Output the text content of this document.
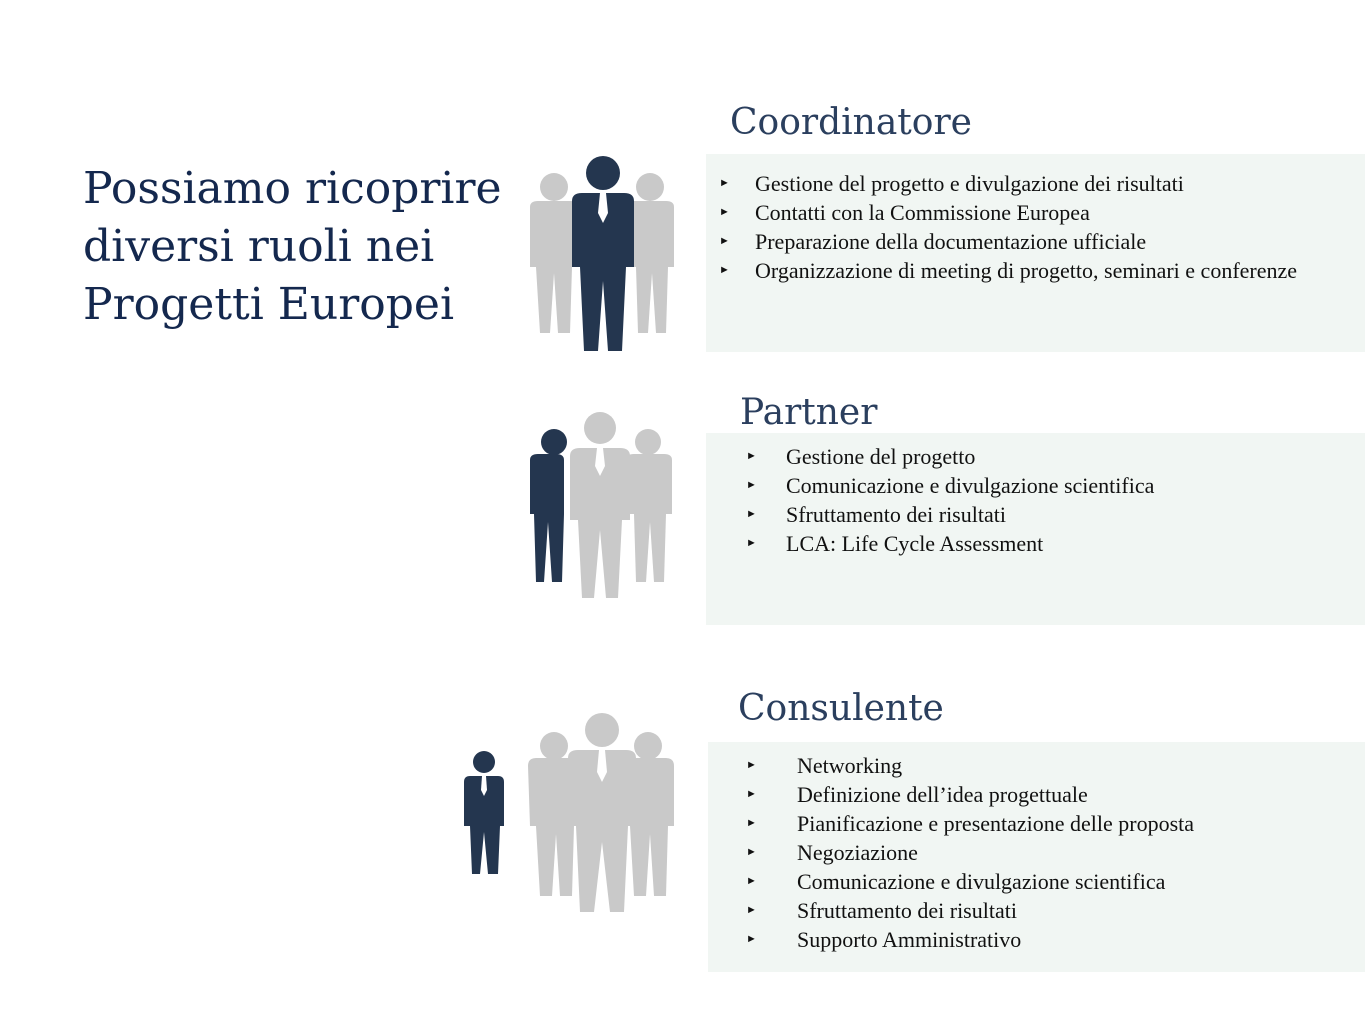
Possiamo ricoprire diversi ruoli nei Progetti Europei
Coordinatore
► Gestione del progetto e divulgazione dei risultati
► Contatti con la Commissione Europea
► Preparazione della documentazione ufficiale
► Organizzazione di meeting di progetto, seminari e conferenze
Partner
► Gestione del progetto
► Comunicazione e divulgazione scientifica
► Sfruttamento dei risultati
► LCA: Life Cycle Assessment
Consulente
► Networking
► Definizione dell’idea progettuale
► Pianificazione e presentazione delle proposta
► Negoziazione
► Comunicazione e divulgazione scientifica
► Sfruttamento dei risultati
► Supporto Amministrativo
